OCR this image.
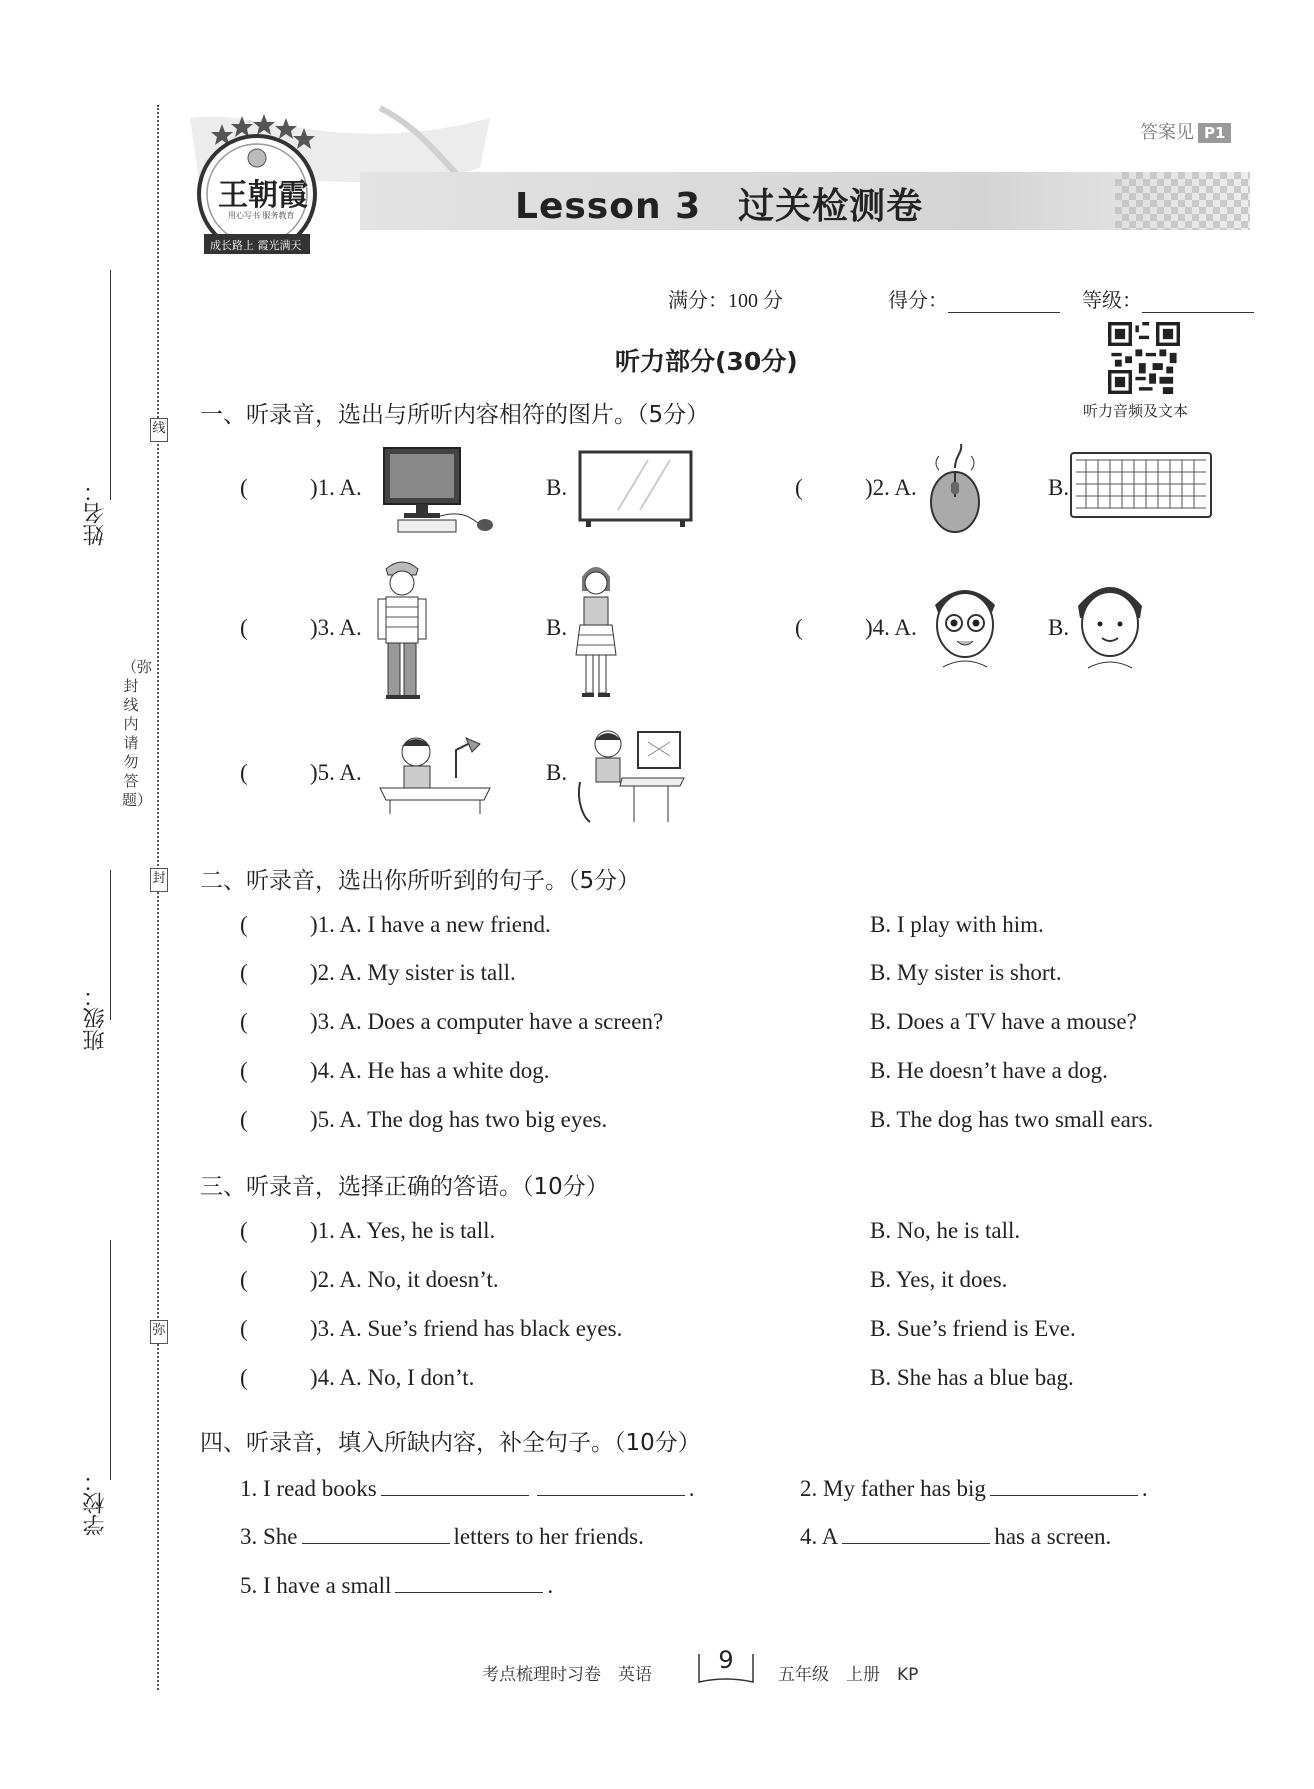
线
封
弥
姓名：
（弥封线内请勿答题）
班级：
学校：
王朝霞
用心写书 服务教育
成长路上 霞光满天
答案见 P1
Lesson 3　过关检测卷
满分：100 分	得分：	等级：
听力部分(30分)
听力音频及文本
一、听录音，选出与所听内容相符的图片。（5分）
(	)1. A.	B.	(	)2. A.	B.
(	)3. A.	B.	(	)4. A.	B.
(	)5. A.	B.
二、听录音，选出你所听到的句子。（5分）
(	)1. A. I have a new friend.	B. I play with him.
(	)2. A. My sister is tall.	B. My sister is short.
(	)3. A. Does a computer have a screen?	B. Does a TV have a mouse?
(	)4. A. He has a white dog.	B. He doesn’t have a dog.
(	)5. A. The dog has two big eyes.	B. The dog has two small ears.
三、听录音，选择正确的答语。（10分）
(	)1. A. Yes, he is tall.	B. No, he is tall.
(	)2. A. No, it doesn’t.	B. Yes, it does.
(	)3. A. Sue’s friend has black eyes.	B. Sue’s friend is Eve.
(	)4. A. No, I don’t.	B. She has a blue bag.
四、听录音，填入所缺内容，补全句子。（10分）
1. I read books	.	2. My father has big	.
3. She	letters to her friends.	4. A	has a screen.
5. I have a small	.
考点梳理时习卷　英语
9
五年级　上册　KP
